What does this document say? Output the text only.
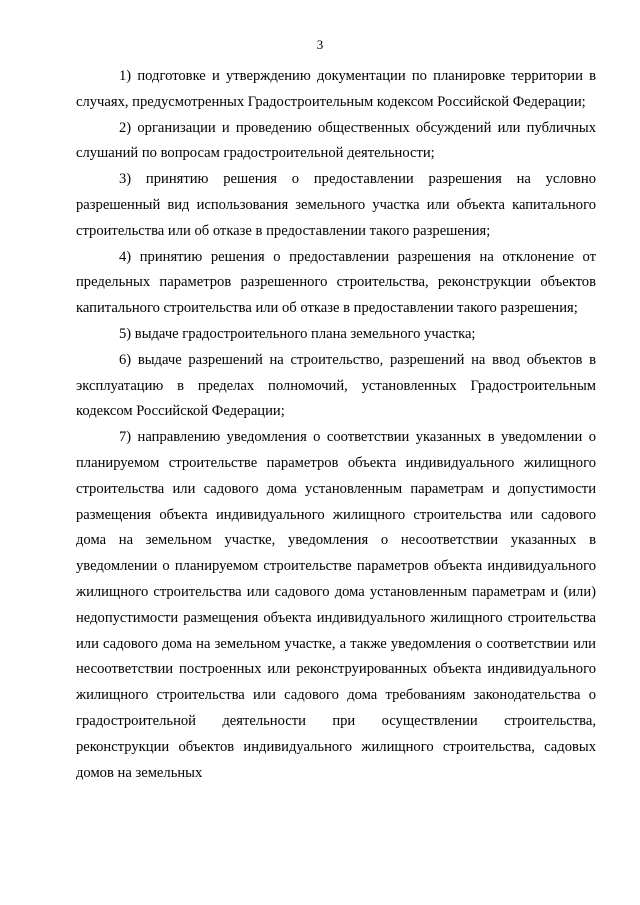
3

1) подготовке и утверждению документации по планировке территории в случаях, предусмотренных Градостроительным кодексом Российской Федерации;

2) организации и проведению общественных обсуждений или публичных слушаний по вопросам градостроительной деятельности;

3) принятию решения о предоставлении разрешения на условно разрешенный вид использования земельного участка или объекта капитального строительства или об отказе в предоставлении такого разрешения;

4) принятию решения о предоставлении разрешения на отклонение от предельных параметров разрешенного строительства, реконструкции объектов капитального строительства или об отказе в предоставлении такого разрешения;

5) выдаче градостроительного плана земельного участка;

6) выдаче разрешений на строительство, разрешений на ввод объектов в эксплуатацию в пределах полномочий, установленных Градостроительным кодексом Российской Федерации;

7) направлению уведомления о соответствии указанных в уведомлении о планируемом строительстве параметров объекта индивидуального жилищного строительства или садового дома установленным параметрам и допустимости размещения объекта индивидуального жилищного строительства или садового дома на земельном участке, уведомления о несоответствии указанных в уведомлении о планируемом строительстве параметров объекта индивидуального жилищного строительства или садового дома установленным параметрам и (или) недопустимости размещения объекта индивидуального жилищного строительства или садового дома на земельном участке, а также уведомления о соответствии или несоответствии построенных или реконструированных объекта индивидуального жилищного строительства или садового дома требованиям законодательства о градостроительной деятельности при осуществлении строительства, реконструкции объектов индивидуального жилищного строительства, садовых домов на земельных
